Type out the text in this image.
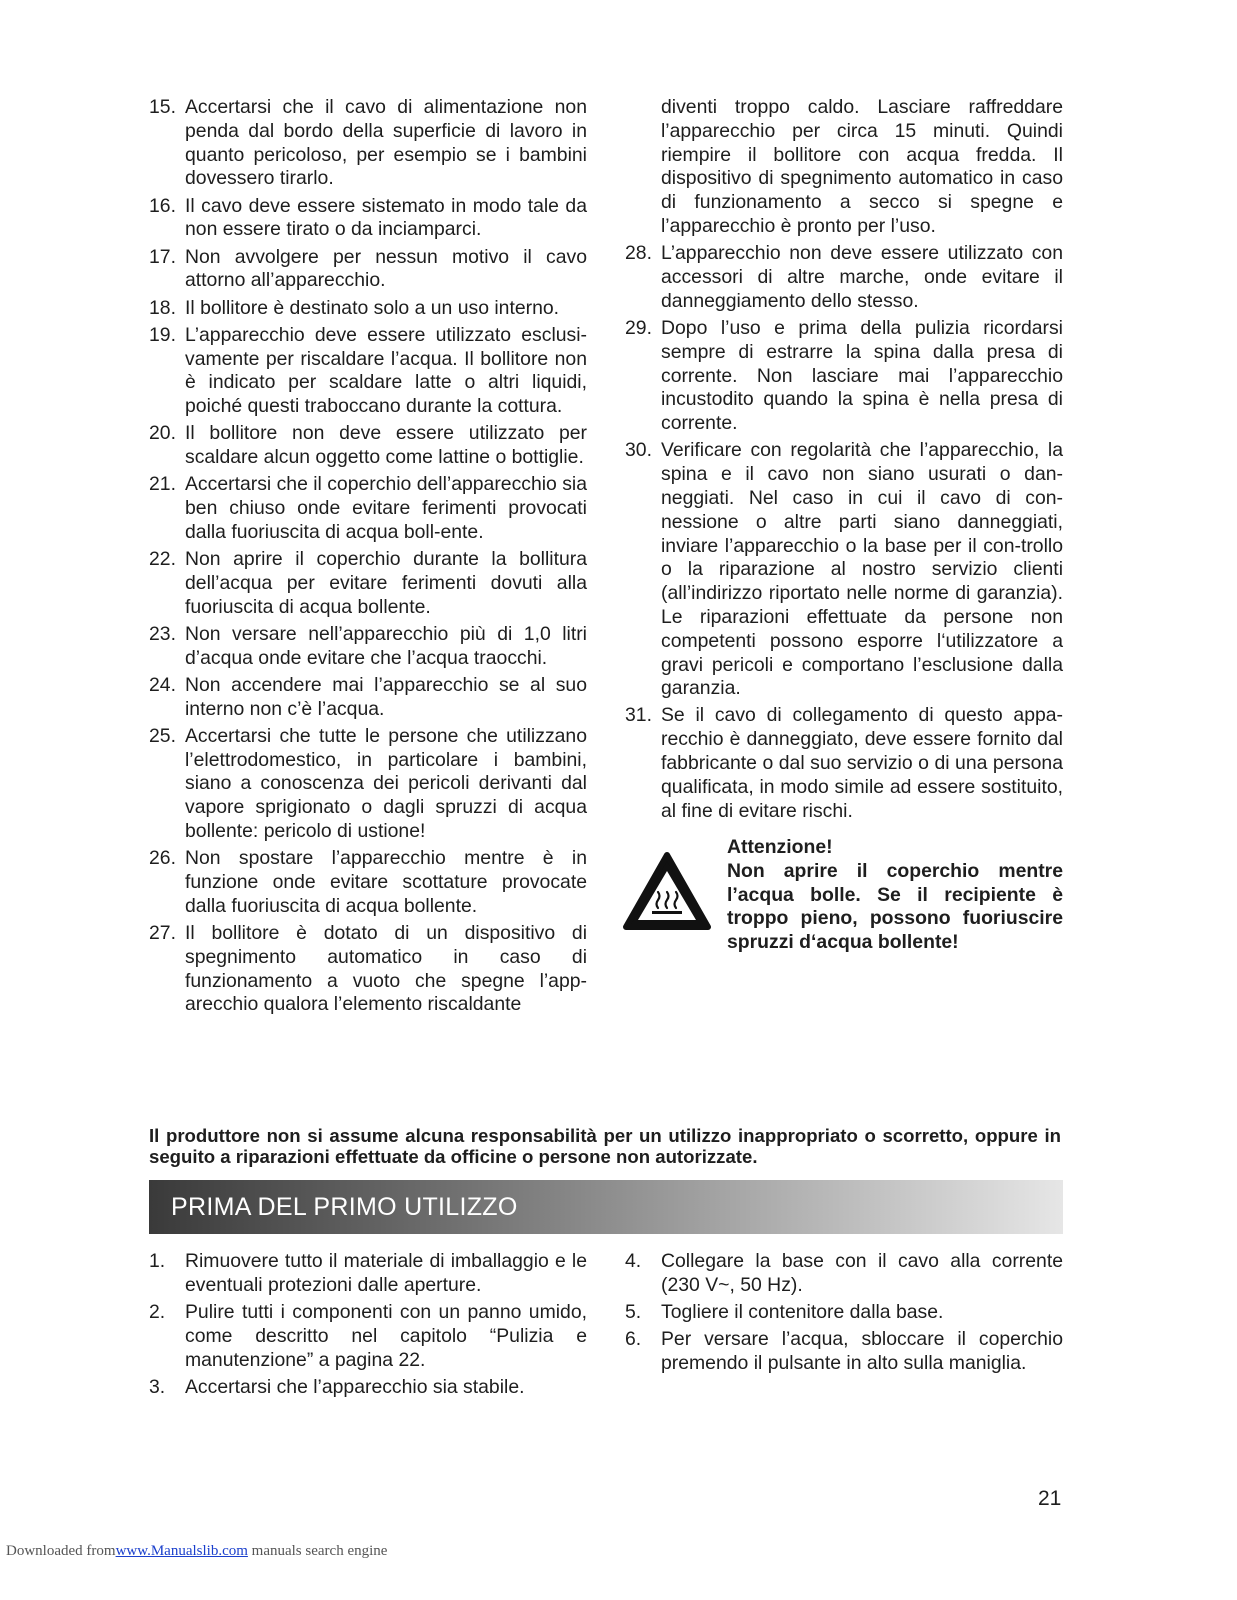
15. Accertarsi che il cavo di alimentazione non penda dal bordo della superficie di lavoro in quanto pericoloso, per esempio se i bambini dovessero tirarlo.
16. Il cavo deve essere sistemato in modo tale da non essere tirato o da inciamparci.
17. Non avvolgere per nessun motivo il cavo attorno all’apparecchio.
18. Il bollitore è destinato solo a un uso interno.
19. L’apparecchio deve essere utilizzato esclusi-vamente per riscaldare l’acqua. Il bollitore non è indicato per scaldare latte o altri liquidi, poiché questi traboccano durante la cottura.
20. Il bollitore non deve essere utilizzato per scaldare alcun oggetto come lattine o bottiglie.
21. Accertarsi che il coperchio dell’apparecchio sia ben chiuso onde evitare ferimenti provocati dalla fuoriuscita di acqua boll-ente.
22. Non aprire il coperchio durante la bollitura dell’acqua per evitare ferimenti dovuti alla fuoriuscita di acqua bollente.
23. Non versare nell’apparecchio più di 1,0 litri d’acqua onde evitare che l’acqua traocchi.
24. Non accendere mai l’apparecchio se al suo interno non c’è l’acqua.
25. Accertarsi che tutte le persone che utilizzano l’elettrodomestico, in particolare i bambini, siano a conoscenza dei pericoli derivanti dal vapore sprigionato o dagli spruzzi di acqua bollente: pericolo di ustione!
26. Non spostare l’apparecchio mentre è in funzione onde evitare scottature provocate dalla fuoriuscita di acqua bollente.
27. Il bollitore è dotato di un dispositivo di spegnimento automatico in caso di funzionamento a vuoto che spegne l’app-arecchio qualora l’elemento riscaldante
diventi troppo caldo. Lasciare raffreddare l’apparecchio per circa 15 minuti. Quindi riempire il bollitore con acqua fredda. Il dispositivo di spegnimento automatico in caso di funzionamento a secco si spegne e l’apparecchio è pronto per l’uso.
28. L’apparecchio non deve essere utilizzato con accessori di altre marche, onde evitare il danneggiamento dello stesso.
29. Dopo l’uso e prima della pulizia ricordarsi sempre di estrarre la spina dalla presa di corrente. Non lasciare mai l’apparecchio incustodito quando la spina è nella presa di corrente.
30. Verificare con regolarità che l’apparecchio, la spina e il cavo non siano usurati o dan-neggiati. Nel caso in cui il cavo di con-nessione o altre parti siano danneggiati, inviare l’apparecchio o la base per il con-trollo o la riparazione al nostro servizio clienti (all’indirizzo riportato nelle norme di garanzia). Le riparazioni effettuate da persone non competenti possono esporre l‘utilizzatore a gravi pericoli e comportano l’esclusione dalla garanzia.
31. Se il cavo di collegamento di questo appa-recchio è danneggiato, deve essere fornito dal fabbricante o dal suo servizio o di una persona qualificata, in modo simile ad essere sostituito, al fine di evitare rischi.
Attenzione!
Non aprire il coperchio mentre l’acqua bolle. Se il recipiente è troppo pieno, possono fuoriuscire spruzzi d‘acqua bollente!
Il produttore non si assume alcuna responsabilità per un utilizzo inappropriato o scorretto, oppure in seguito a riparazioni effettuate da officine o persone non autorizzate.
PRIMA DEL PRIMO UTILIZZO
1.	Rimuovere tutto il materiale di imballaggio e le eventuali protezioni dalle aperture.
2.	Pulire tutti i componenti con un panno umido, come descritto nel capitolo “Pulizia e manutenzione” a pagina 22.
3.	Accertarsi che l’apparecchio sia stabile.
4.	Collegare la base con il cavo alla corrente (230 V~, 50 Hz).
5.	Togliere il contenitore dalla base.
6.	Per versare l’acqua, sbloccare il coperchio premendo il pulsante in alto sulla maniglia.
21
Downloaded fromwww.Manualslib.com manuals search engine
